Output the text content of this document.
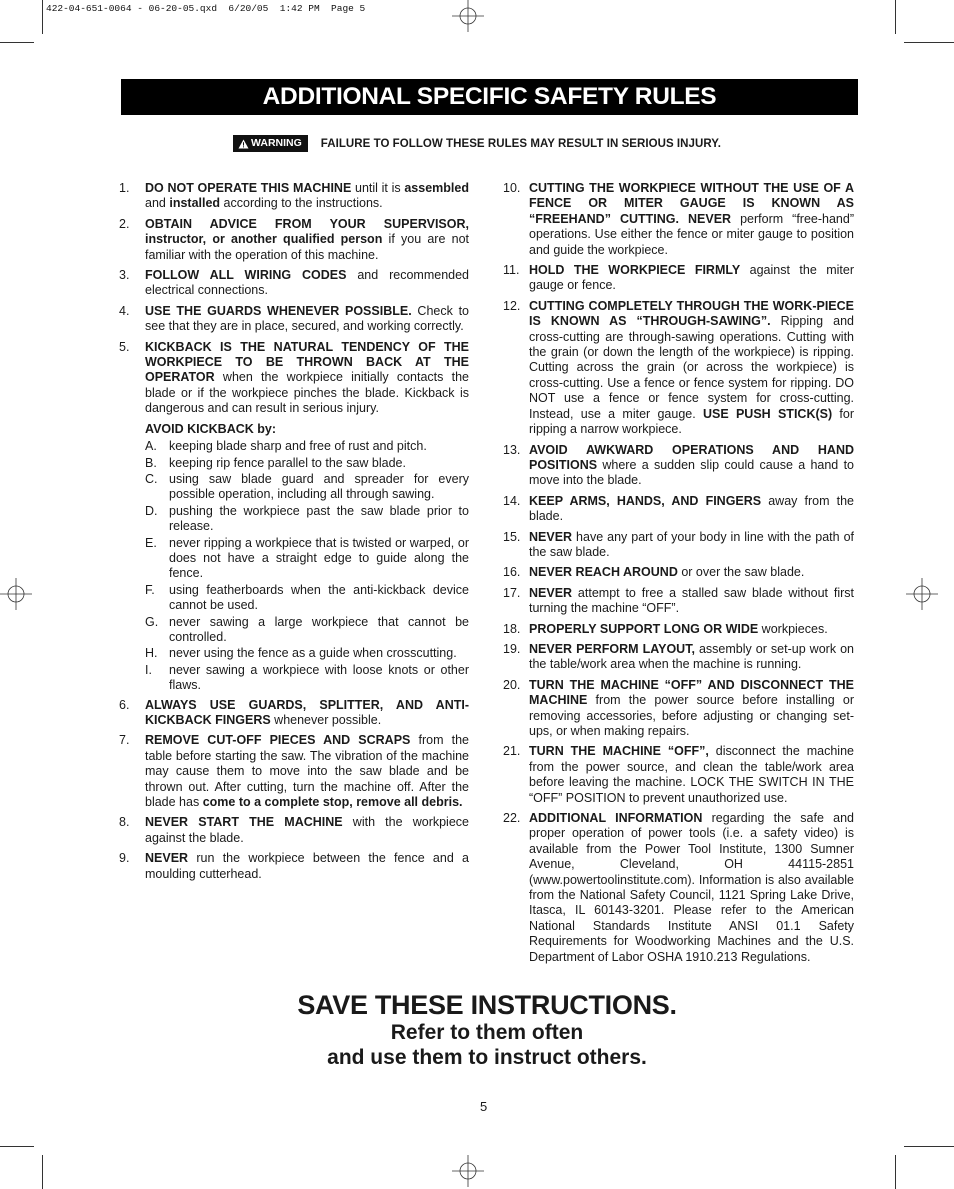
422-04-651-0064 - 06-20-05.qxd  6/20/05  1:42 PM  Page 5
ADDITIONAL SPECIFIC SAFETY RULES
WARNING FAILURE TO FOLLOW THESE RULES MAY RESULT IN SERIOUS INJURY.
1.	DO NOT OPERATE THIS MACHINE until it is assembled and installed according to the instructions.
2.	OBTAIN ADVICE FROM YOUR SUPERVISOR, instructor, or another qualified person if you are not familiar with the operation of this machine.
3.	FOLLOW ALL WIRING CODES and recommended electrical connections.
4.	USE THE GUARDS WHENEVER POSSIBLE. Check to see that they are in place, secured, and working correctly.
5.	KICKBACK IS THE NATURAL TENDENCY OF THE WORKPIECE TO BE THROWN BACK AT THE OPERATOR when the workpiece initially contacts the blade or if the workpiece pinches the blade. Kickback is dangerous and can result in serious injury.
AVOID KICKBACK by:
A. keeping blade sharp and free of rust and pitch.
B. keeping rip fence parallel to the saw blade.
C. using saw blade guard and spreader for every possible operation, including all through sawing.
D. pushing the workpiece past the saw blade prior to release.
E. never ripping a workpiece that is twisted or warped, or does not have a straight edge to guide along the fence.
F.	using featherboards when the anti-kickback device cannot be used.
G. never sawing a large workpiece that cannot be controlled.
H. never using the fence as a guide when crosscutting.
I.	never sawing a workpiece with loose knots or other flaws.
6.	ALWAYS USE GUARDS, SPLITTER, AND ANTI-KICKBACK FINGERS whenever possible.
7.	REMOVE CUT-OFF PIECES AND SCRAPS from the table before starting the saw. The vibration of the machine may cause them to move into the saw blade and be thrown out. After cutting, turn the machine off. After the blade has come to a complete stop, remove all debris.
8.	NEVER START THE MACHINE with the workpiece against the blade.
9.	NEVER run the workpiece between the fence and a moulding cutterhead.
10. CUTTING THE WORKPIECE WITHOUT THE USE OF A FENCE OR MITER GAUGE IS KNOWN AS “FREEHAND” CUTTING. NEVER perform “free-hand” operations. Use either the fence or miter gauge to position and guide the workpiece.
11. HOLD THE WORKPIECE FIRMLY against the miter gauge or fence.
12. CUTTING COMPLETELY THROUGH THE WORK-PIECE IS KNOWN AS “THROUGH-SAWING”. Ripping and cross-cutting are through-sawing operations. Cutting with the grain (or down the length of the workpiece) is ripping. Cutting across the grain (or across the workpiece) is cross-cutting. Use a fence or fence system for ripping. DO NOT use a fence or fence system for cross-cutting. Instead, use a miter gauge. USE PUSH STICK(S) for ripping a narrow workpiece.
13. AVOID AWKWARD OPERATIONS AND HAND POSITIONS where a sudden slip could cause a hand to move into the blade.
14. KEEP ARMS, HANDS, AND FINGERS away from the blade.
15. NEVER have any part of your body in line with the path of the saw blade.
16. NEVER REACH AROUND or over the saw blade.
17. NEVER attempt to free a stalled saw blade without first turning the machine “OFF”.
18. PROPERLY SUPPORT LONG OR WIDE workpieces.
19. NEVER PERFORM LAYOUT, assembly or set-up work on the table/work area when the machine is running.
20. TURN THE MACHINE “OFF” AND DISCONNECT THE MACHINE from the power source before installing or removing accessories, before adjusting or changing set-ups, or when making repairs.
21. TURN THE MACHINE “OFF”, disconnect the machine from the power source, and clean the table/work area before leaving the machine. LOCK THE SWITCH IN THE “OFF” POSITION to prevent unauthorized use.
22. ADDITIONAL INFORMATION regarding the safe and proper operation of power tools (i.e. a safety video) is available from the Power Tool Institute, 1300 Sumner Avenue, Cleveland, OH 44115-2851 (www.powertoolinstitute.com). Information is also available from the National Safety Council, 1121 Spring Lake Drive, Itasca, IL 60143-3201. Please refer to the American National Standards Institute ANSI 01.1 Safety Requirements for Woodworking Machines and the U.S. Department of Labor OSHA 1910.213 Regulations.
SAVE THESE INSTRUCTIONS.
Refer to them often
and use them to instruct others.
5
